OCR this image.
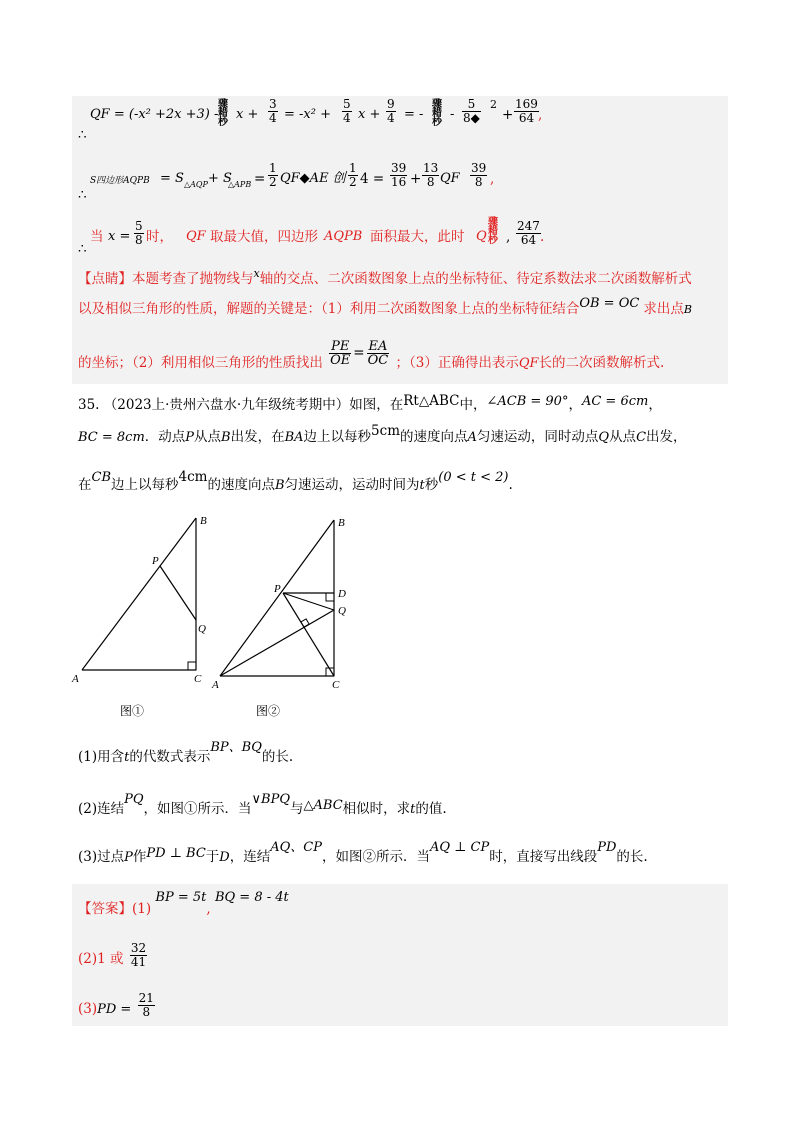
∴
QF = (-x² +2x +3) -
骤
耤
杪
$x + \frac{3}{4} = -x^2 + \frac{5}{4}$ $x + \frac{9}{4}$ = -
骤
耤
杪
- $\frac{5}{8◆} 2$
+ $\frac{169}{64}$ ,
∴
S四边形AQPB = S △AQP + S
△APB = $\frac{1}{2}$ QF◆AE 创 $\frac{1}{2} 4 = \frac{39}{16} + \frac{13}{8}$ QF $\frac{39}{8}$ ,
∴
当 $x = \frac{5}{8}$ 时， QF 取最大值，四边形 AQPB 面积最大，此时 Q
骤
耤
杪 , $\frac{247}{64}$ .
【点睛】本题考查了抛物线与$^x$轴的交点、二次函数图象上点的坐标特征、待定系数法求二次函数解析式
以及相似三角形的性质，解题的关键是：（1）利用二次函数图象上点的坐标特征结合OB = OC 求出点B
的坐标；（2）利用相似三角形的性质找出 $\frac{PE}{OE} = \frac{EA}{OC}$ ；（3）正确得出表示QF长的二次函数解析式.
35. （2023上·贵州六盘水·九年级统考期中）如图，在Rt△ABC中，∠ACB = 90°，AC = 6cm，
BC = 8cm．动点P从点B出发，在BA边上以每秒5cm的速度向点A匀速运动，同时动点Q从点C出发，
在CB边上以每秒4cm的速度向点B匀速运动，运动时间为t秒(0 < t < 2).
B
P
Q
A	C
图①
B
P	D
Q
A	C
图②
(1)用含t的代数式表示BP、BQ的长.
(2)连结PQ，如图①所示．当∨BPQ与△ABC相似时，求t的值.
(3)过点P作PD ⊥ BC于D，连结AQ、CP，如图②所示．当AQ ⊥ CP时，直接写出线段PD的长.
【答案】(1) BP = 5t, BQ = 8 - 4t
(2)1 或 $\frac{32}{41}$
$(3)PD = \frac{21}{8}$
